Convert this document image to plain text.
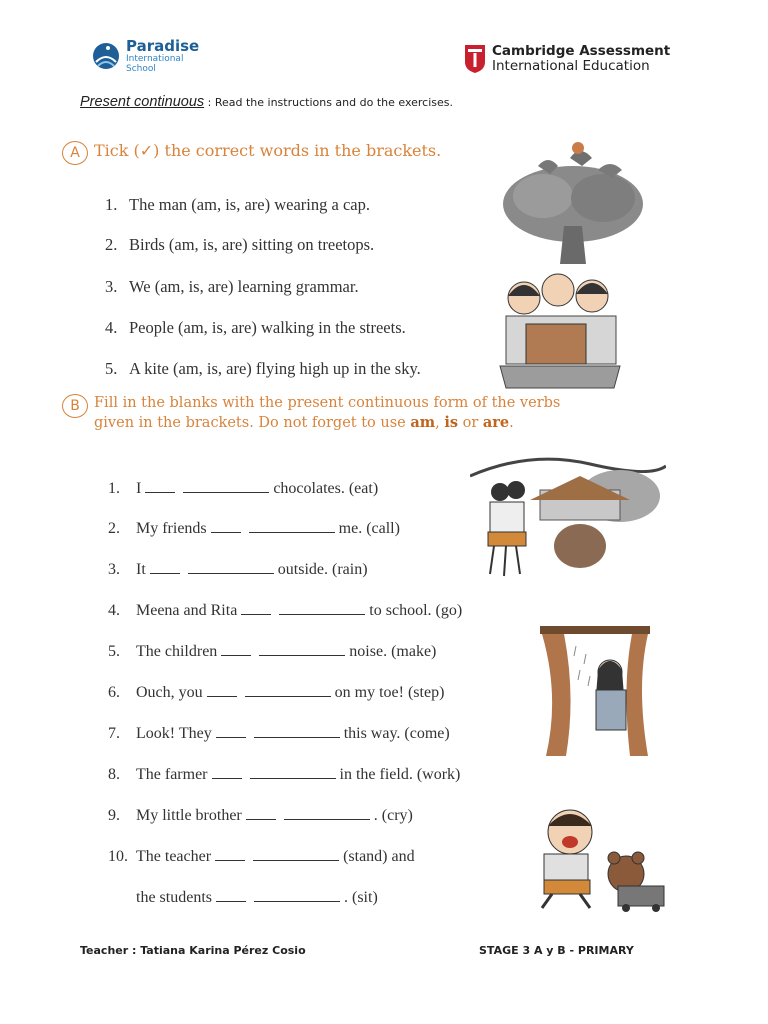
Paradise
International
School
Cambridge Assessment
International Education
Present continuous : Read the instructions and do the exercises.
A Tick (✓) the correct words in the brackets.
1. The man (am, is, are) wearing a cap.
2. Birds (am, is, are) sitting on treetops.
3. We (am, is, are) learning grammar.
4. People (am, is, are) walking in the streets.
5. A kite (am, is, are) flying high up in the sky.
B Fill in the blanks with the present continuous form of the verbs
given in the brackets. Do not forget to use am, is or are.
1. I	chocolates. (eat)
2. My friends	me. (call)
3. It	outside. (rain)
4. Meena and Rita	to school. (go)
5. The children	noise. (make)
6. Ouch, you	on my toe! (step)
7. Look! They	this way. (come)
8. The farmer	in the field. (work)
9. My little brother	. (cry)
10. The teacher	(stand) and
the students	. (sit)
Teacher : Tatiana Karina Pérez Cosio	STAGE 3 A y B - PRIMARY
